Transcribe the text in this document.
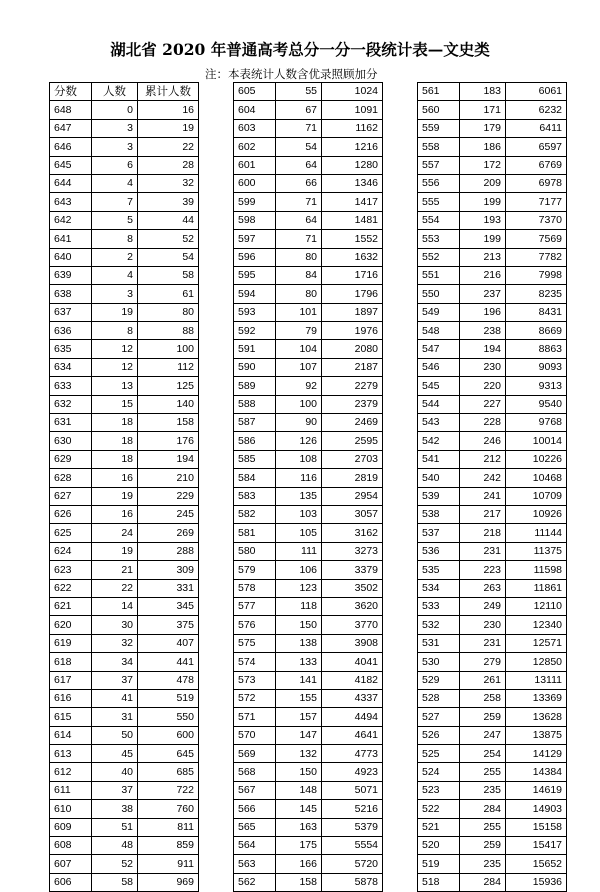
湖北省 2020 年普通高考总分一分一段统计表—文史类
注：本表统计人数含优录照顾加分
分数	人数	累计人数
648	0	16
647	3	19
646	3	22
645	6	28
644	4	32
643	7	39
642	5	44
641	8	52
640	2	54
639	4	58
638	3	61
637	19	80
636	8	88
635	12	100
634	12	112
633	13	125
632	15	140
631	18	158
630	18	176
629	18	194
628	16	210
627	19	229
626	16	245
625	24	269
624	19	288
623	21	309
622	22	331
621	14	345
620	30	375
619	32	407
618	34	441
617	37	478
616	41	519
615	31	550
614	50	600
613	45	645
612	40	685
611	37	722
610	38	760
609	51	811
608	48	859
607	52	911
606	58	969
605	55	1024
604	67	1091
603	71	1162
602	54	1216
601	64	1280
600	66	1346
599	71	1417
598	64	1481
597	71	1552
596	80	1632
595	84	1716
594	80	1796
593	101	1897
592	79	1976
591	104	2080
590	107	2187
589	92	2279
588	100	2379
587	90	2469
586	126	2595
585	108	2703
584	116	2819
583	135	2954
582	103	3057
581	105	3162
580	111	3273
579	106	3379
578	123	3502
577	118	3620
576	150	3770
575	138	3908
574	133	4041
573	141	4182
572	155	4337
571	157	4494
570	147	4641
569	132	4773
568	150	4923
567	148	5071
566	145	5216
565	163	5379
564	175	5554
563	166	5720
562	158	5878
561	183	6061
560	171	6232
559	179	6411
558	186	6597
557	172	6769
556	209	6978
555	199	7177
554	193	7370
553	199	7569
552	213	7782
551	216	7998
550	237	8235
549	196	8431
548	238	8669
547	194	8863
546	230	9093
545	220	9313
544	227	9540
543	228	9768
542	246	10014
541	212	10226
540	242	10468
539	241	10709
538	217	10926
537	218	11144
536	231	11375
535	223	11598
534	263	11861
533	249	12110
532	230	12340
531	231	12571
530	279	12850
529	261	13111
528	258	13369
527	259	13628
526	247	13875
525	254	14129
524	255	14384
523	235	14619
522	284	14903
521	255	15158
520	259	15417
519	235	15652
518	284	15936
